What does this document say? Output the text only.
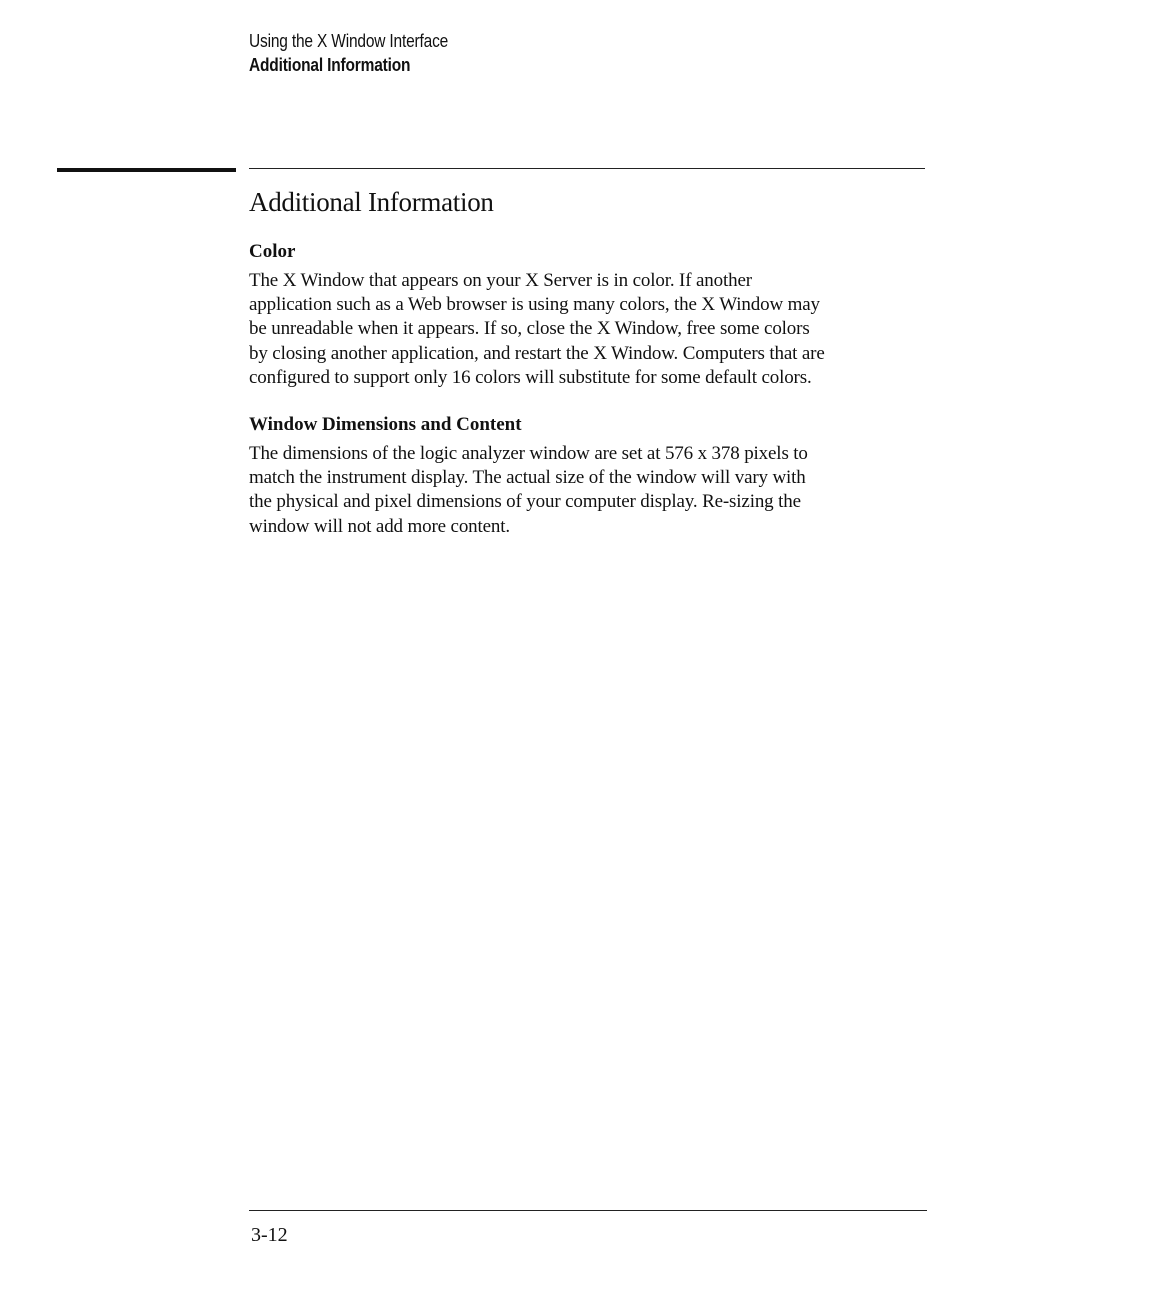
Using the X Window Interface
Additional Information
Additional Information
Color

The X Window that appears on your X Server is in color. If another
application such as a Web browser is using many colors, the X Window may
be unreadable when it appears. If so, close the X Window, free some colors
by closing another application, and restart the X Window. Computers that are
configured to support only 16 colors will substitute for some default colors.

Window Dimensions and Content

The dimensions of the logic analyzer window are set at 576 x 378 pixels to
match the instrument display. The actual size of the window will vary with
the physical and pixel dimensions of your computer display. Re-sizing the
window will not add more content.

3-12
